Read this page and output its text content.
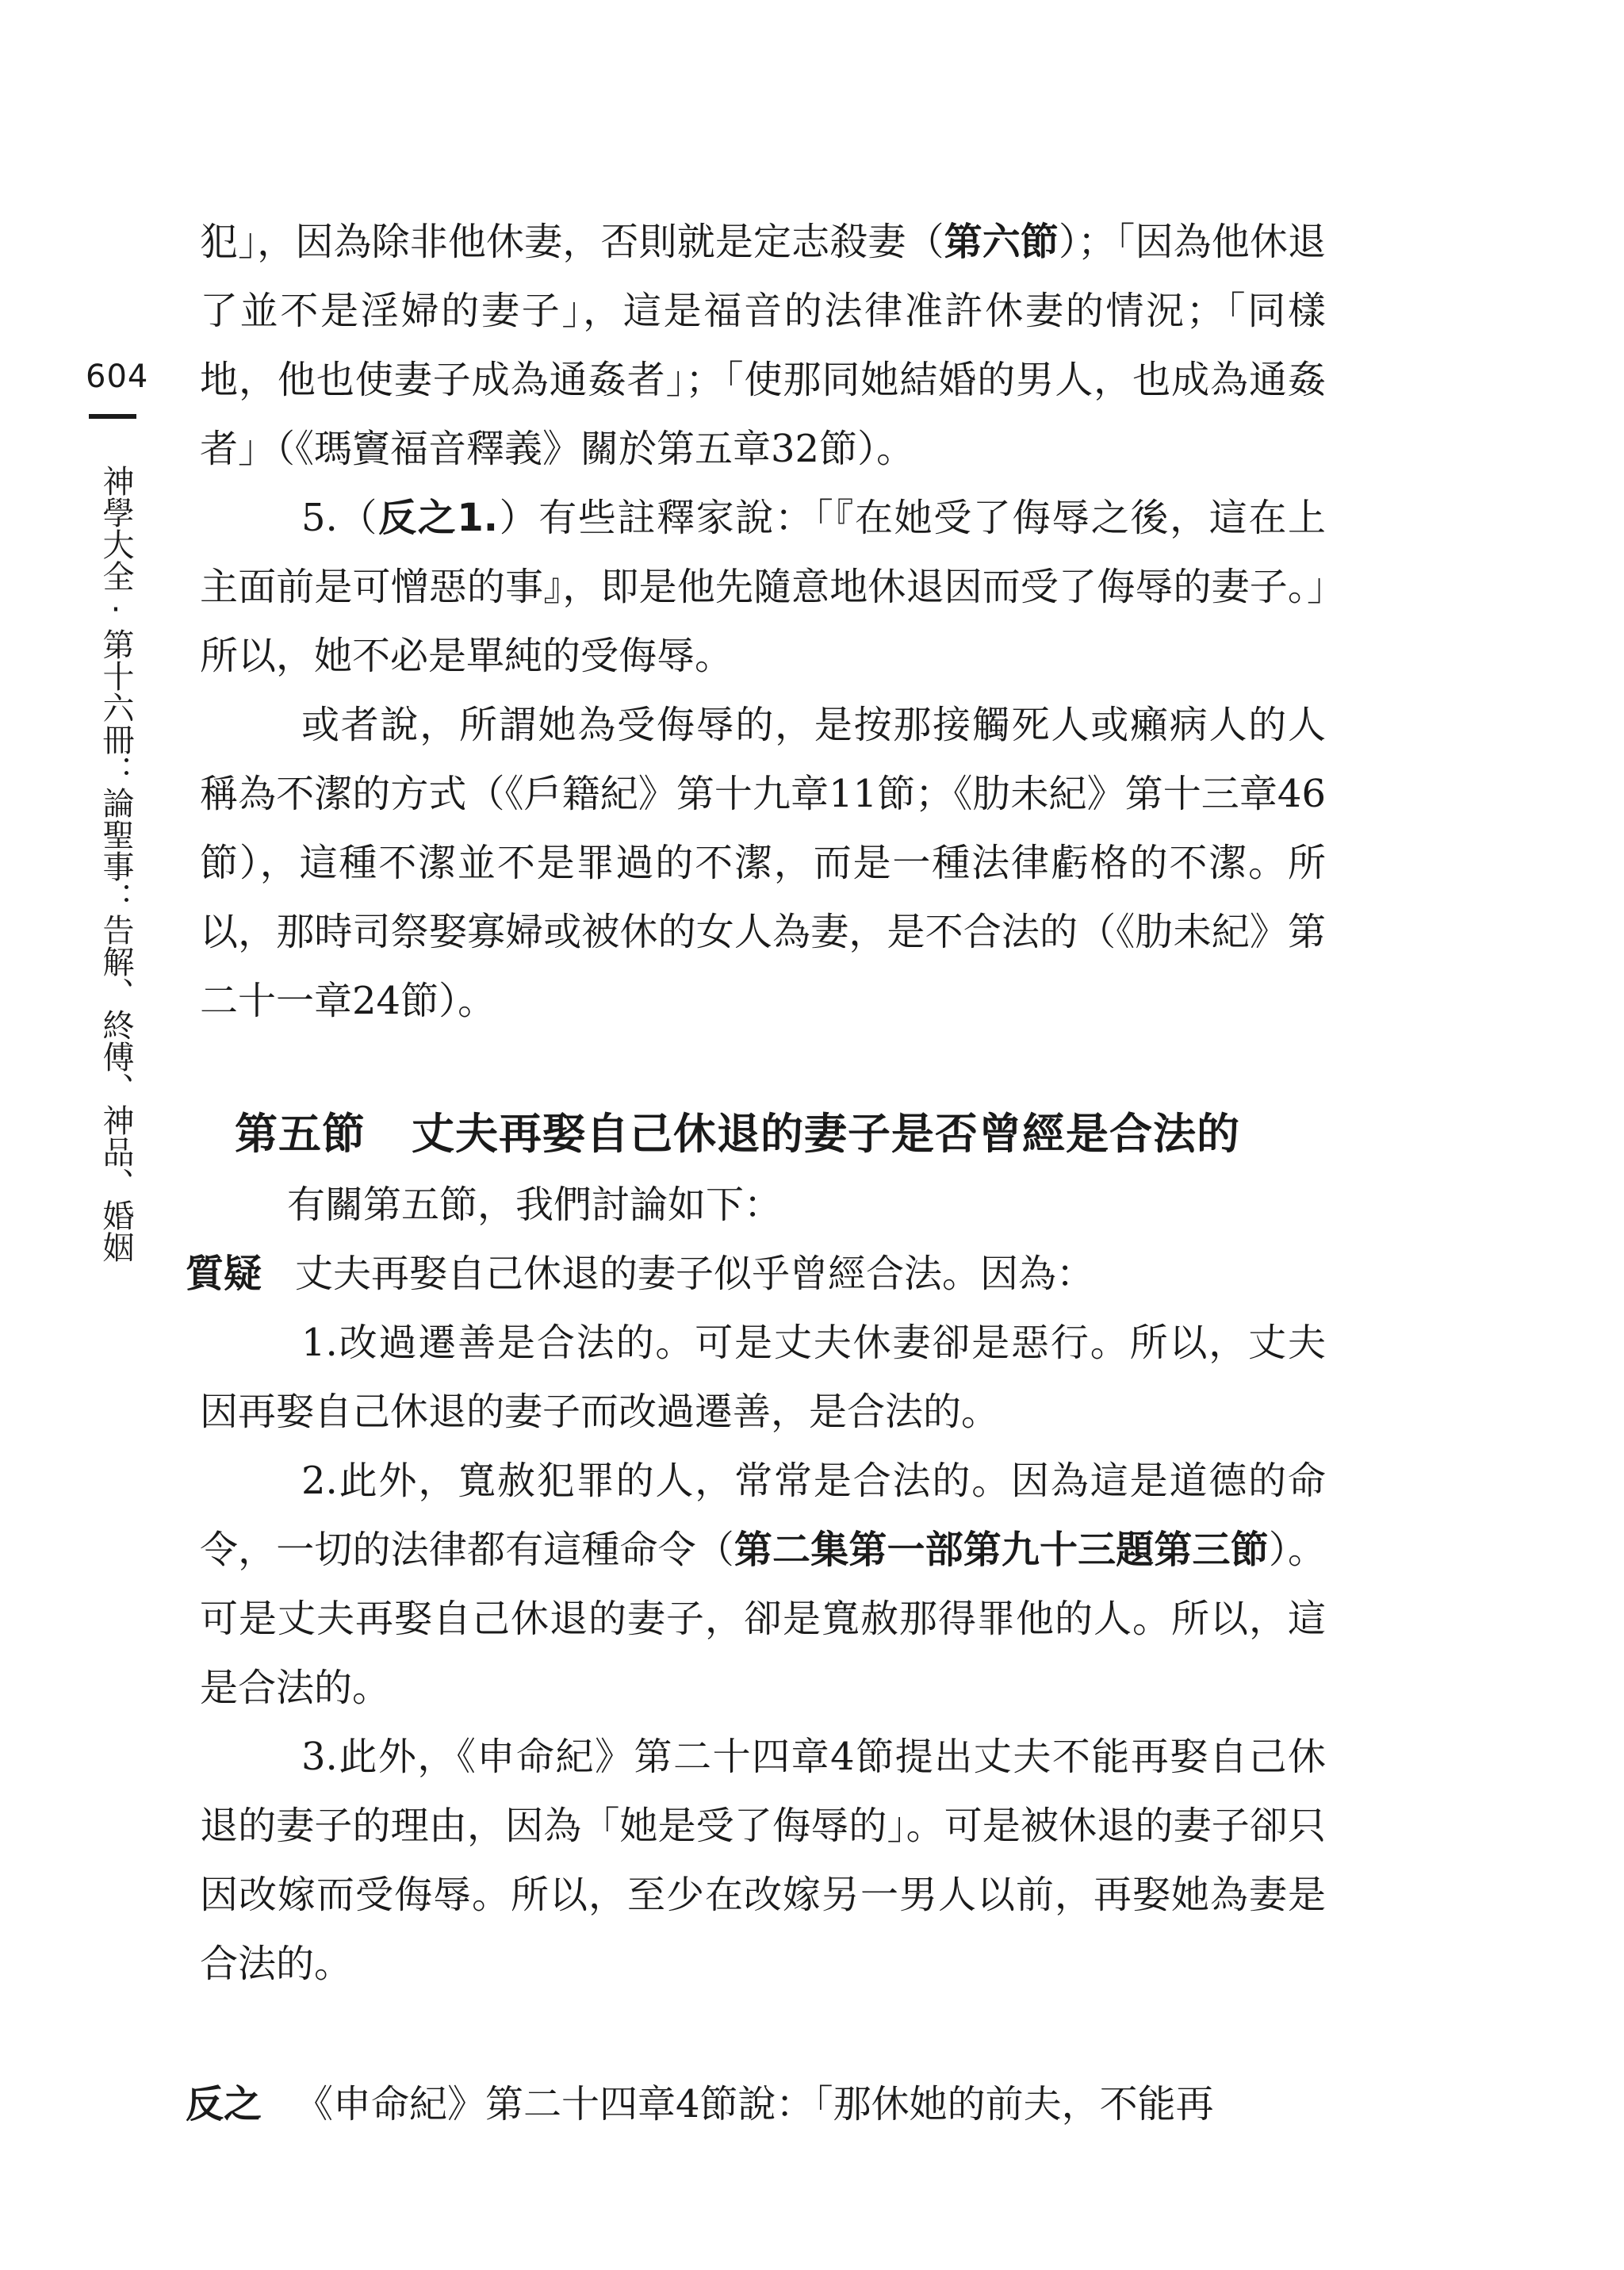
604
神學大全·第十六冊：論聖事：告解、終傅、神品、婚姻

犯」，因為除非他休妻，否則就是定志殺妻（第六節）；「因為他休退了並不是淫婦的妻子」，這是福音的法律准許休妻的情況；「同樣地，他也使妻子成為通姦者」；「使那同她結婚的男人，也成為通姦者」（《瑪竇福音釋義》關於第五章32節）。

5.（反之1.）有些註釋家說：「『在她受了侮辱之後，這在上主面前是可憎惡的事』，即是他先隨意地休退因而受了侮辱的妻子。」所以，她不必是單純的受侮辱。

或者說，所謂她為受侮辱的，是按那接觸死人或癩病人的人稱為不潔的方式（《戶籍紀》第十九章11節；《肋未紀》第十三章46節），這種不潔並不是罪過的不潔，而是一種法律虧格的不潔。所以，那時司祭娶寡婦或被休的女人為妻，是不合法的（《肋未紀》第二十一章24節）。

第五節 丈夫再娶自己休退的妻子是否曾經是合法的

有關第五節，我們討論如下：

質疑 丈夫再娶自己休退的妻子似乎曾經合法。因為：

1.改過遷善是合法的。可是丈夫休妻卻是惡行。所以，丈夫因再娶自己休退的妻子而改過遷善，是合法的。

2.此外，寬赦犯罪的人，常常是合法的。因為這是道德的命令，一切的法律都有這種命令（第二集第一部第九十三題第三節）。可是丈夫再娶自己休退的妻子，卻是寬赦那得罪他的人。所以，這是合法的。

3.此外，《申命紀》第二十四章4節提出丈夫不能再娶自己休退的妻子的理由，因為「她是受了侮辱的」。可是被休退的妻子卻只因改嫁而受侮辱。所以，至少在改嫁另一男人以前，再娶她為妻是合法的。

反之 《申命紀》第二十四章4節說：「那休她的前夫，不能再
